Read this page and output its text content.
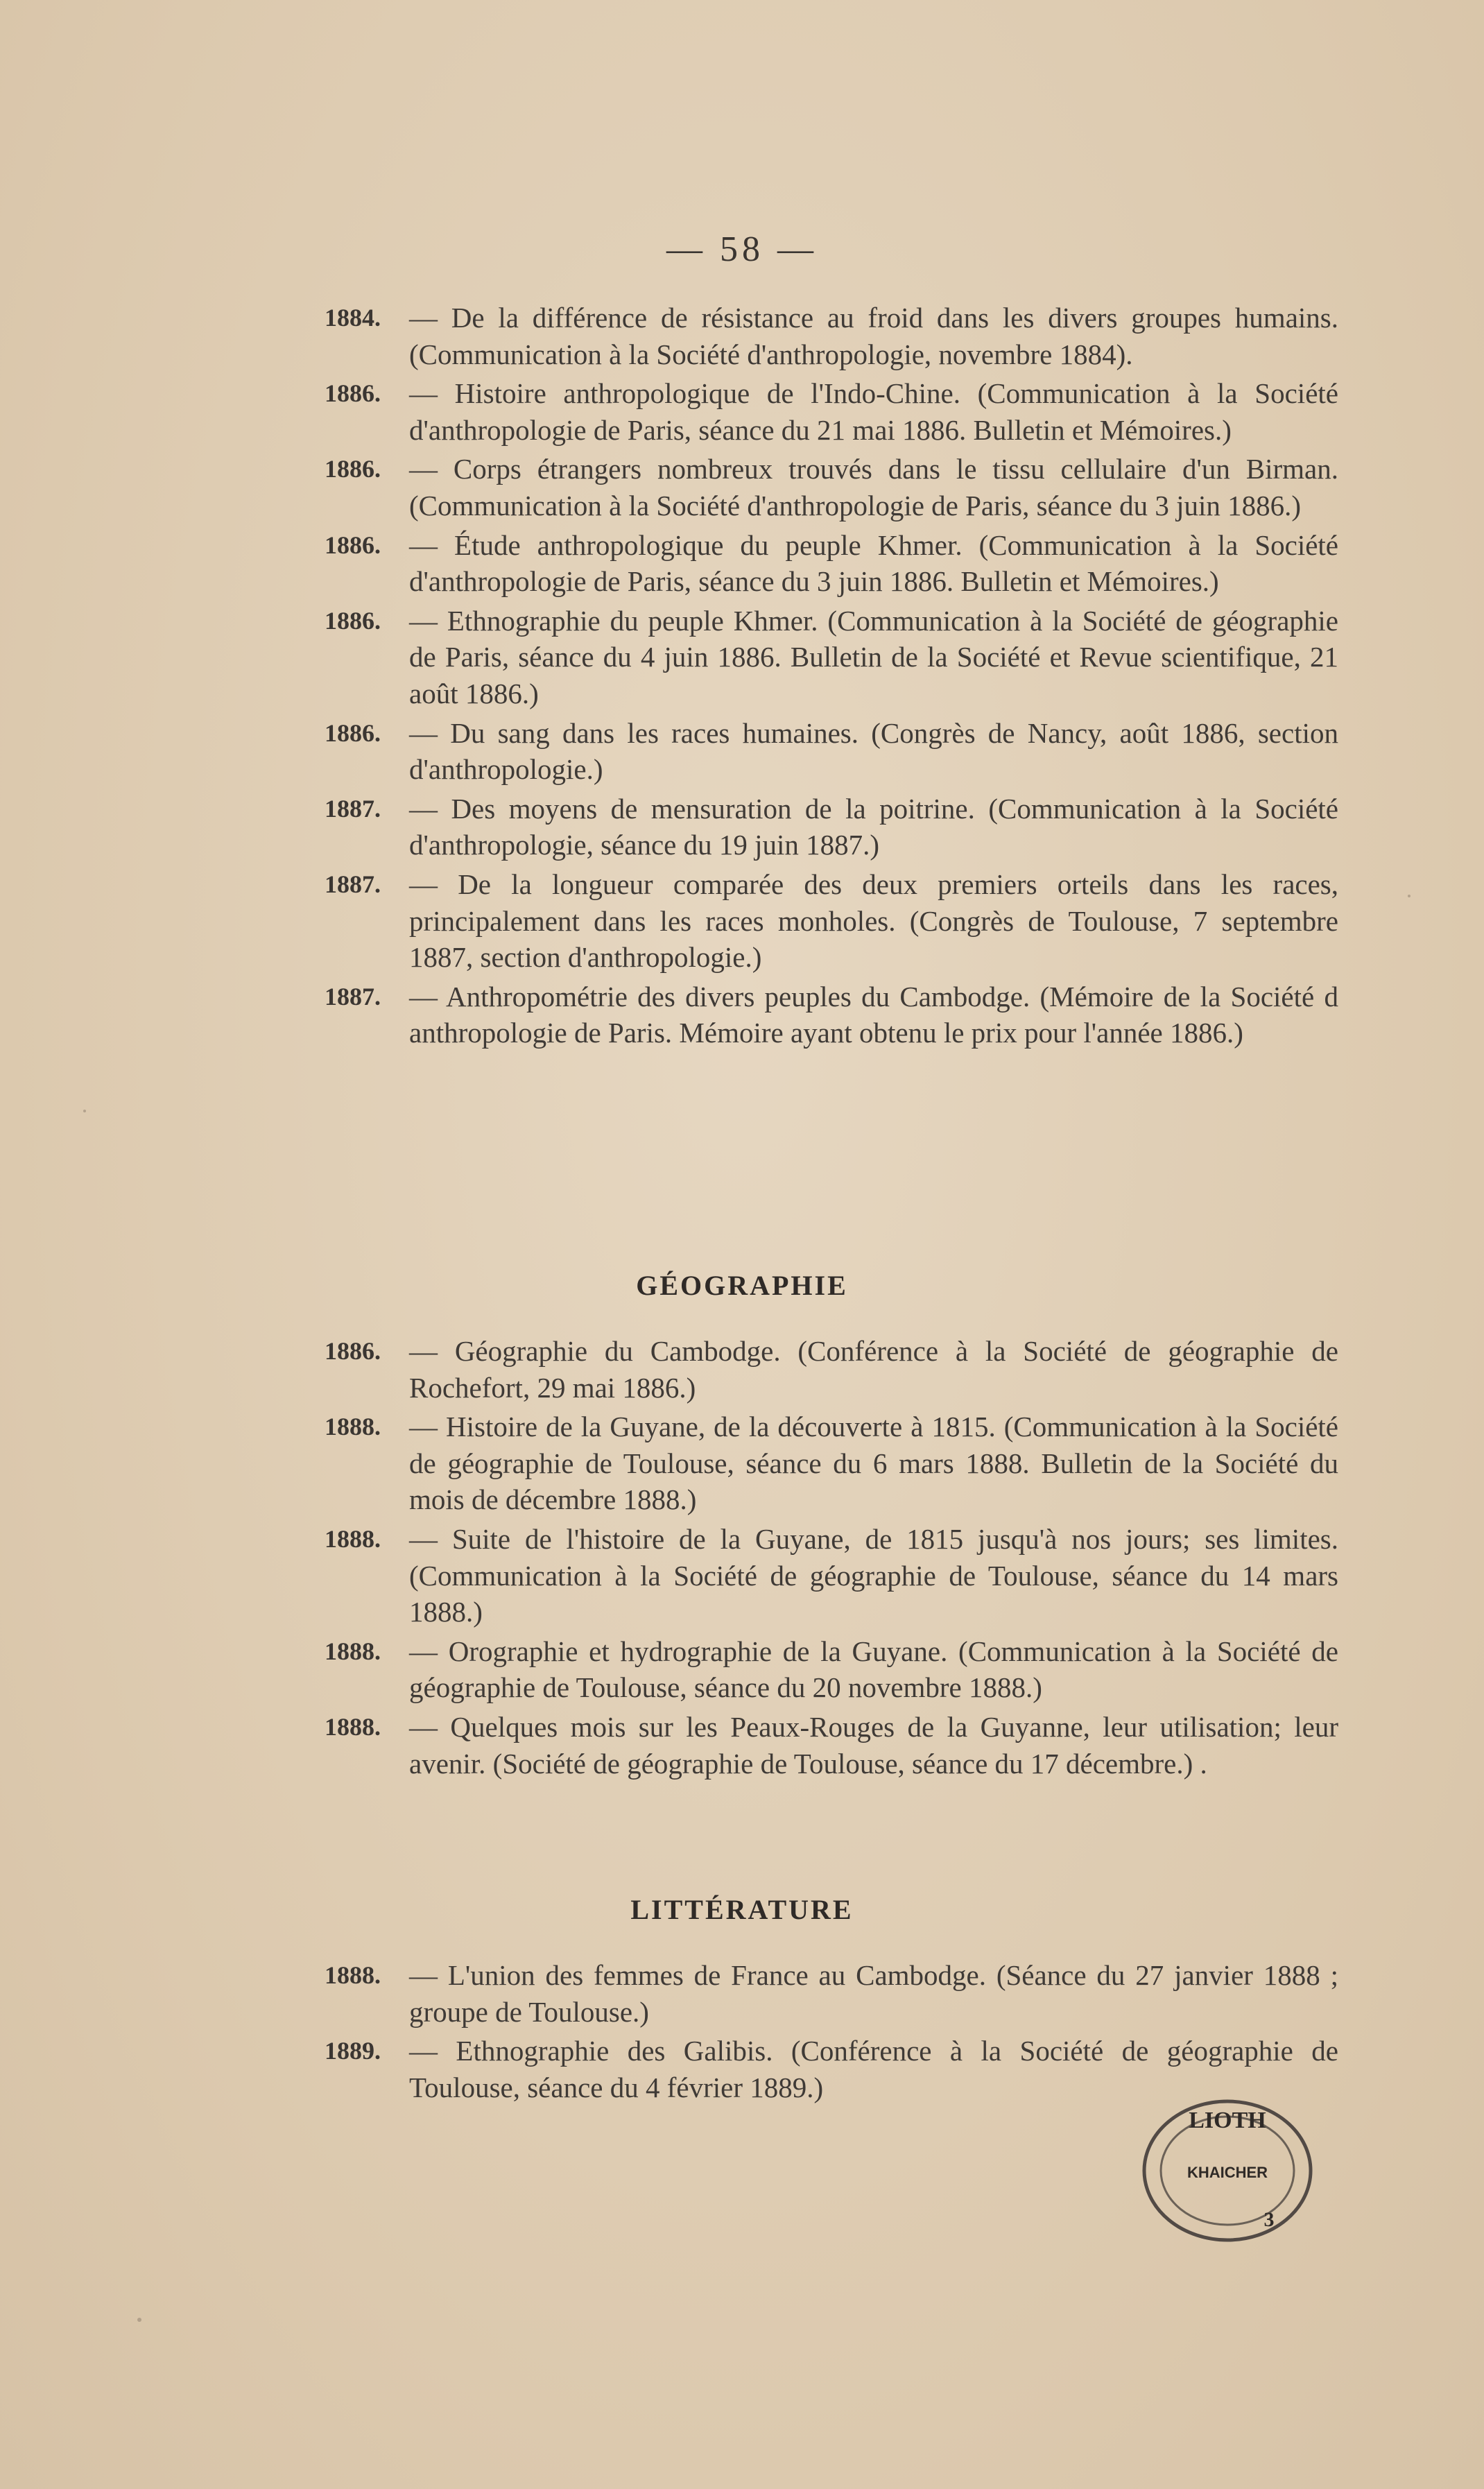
— 58 —
1884.	— De la différence de résistance au froid dans les divers groupes humains. (Communication à la Société d'anthropologie, novembre 1884).
1886.	— Histoire anthropologique de l'Indo-Chine. (Communication à la Société d'anthropologie de Paris, séance du 21 mai 1886. Bulletin et Mémoires.)
1886.	— Corps étrangers nombreux trouvés dans le tissu cellulaire d'un Birman. (Communication à la Société d'anthropologie de Paris, séance du 3 juin 1886.)
1886.	— Étude anthropologique du peuple Khmer. (Communication à la Société d'anthropologie de Paris, séance du 3 juin 1886. Bulletin et Mémoires.)
1886.	— Ethnographie du peuple Khmer. (Communication à la Société de géographie de Paris, séance du 4 juin 1886. Bulletin de la Société et Revue scientifique, 21 août 1886.)
1886.	— Du sang dans les races humaines. (Congrès de Nancy, août 1886, section d'anthropologie.)
1887.	— Des moyens de mensuration de la poitrine. (Communication à la Société d'anthropologie, séance du 19 juin 1887.)
1887.	— De la longueur comparée des deux premiers orteils dans les races, principalement dans les races monholes. (Congrès de Toulouse, 7 septembre 1887, section d'anthropologie.)
1887.	— Anthropométrie des divers peuples du Cambodge. (Mémoire de la Société d anthropologie de Paris. Mémoire ayant obtenu le prix pour l'année 1886.)
GÉOGRAPHIE
1886.	— Géographie du Cambodge. (Conférence à la Société de géographie de Rochefort, 29 mai 1886.)
1888.	— Histoire de la Guyane, de la découverte à 1815. (Communication à la Société de géographie de Toulouse, séance du 6 mars 1888. Bulletin de la Société du mois de décembre 1888.)
1888.	— Suite de l'histoire de la Guyane, de 1815 jusqu'à nos jours; ses limites. (Communication à la Société de géographie de Toulouse, séance du 14 mars 1888.)
1888.	— Orographie et hydrographie de la Guyane. (Communication à la Société de géographie de Toulouse, séance du 20 novembre 1888.)
1888.	— Quelques mois sur les Peaux-Rouges de la Guyanne, leur utilisation; leur avenir. (Société de géographie de Toulouse, séance du 17 décembre.) .
LITTÉRATURE
1888.	— L'union des femmes de France au Cambodge. (Séance du 27 janvier 1888 ; groupe de Toulouse.)
1889.	— Ethnographie des Galibis. (Conférence à la Société de géographie de Toulouse, séance du 4 février 1889.)
LIOTH
KHAICHER
3
